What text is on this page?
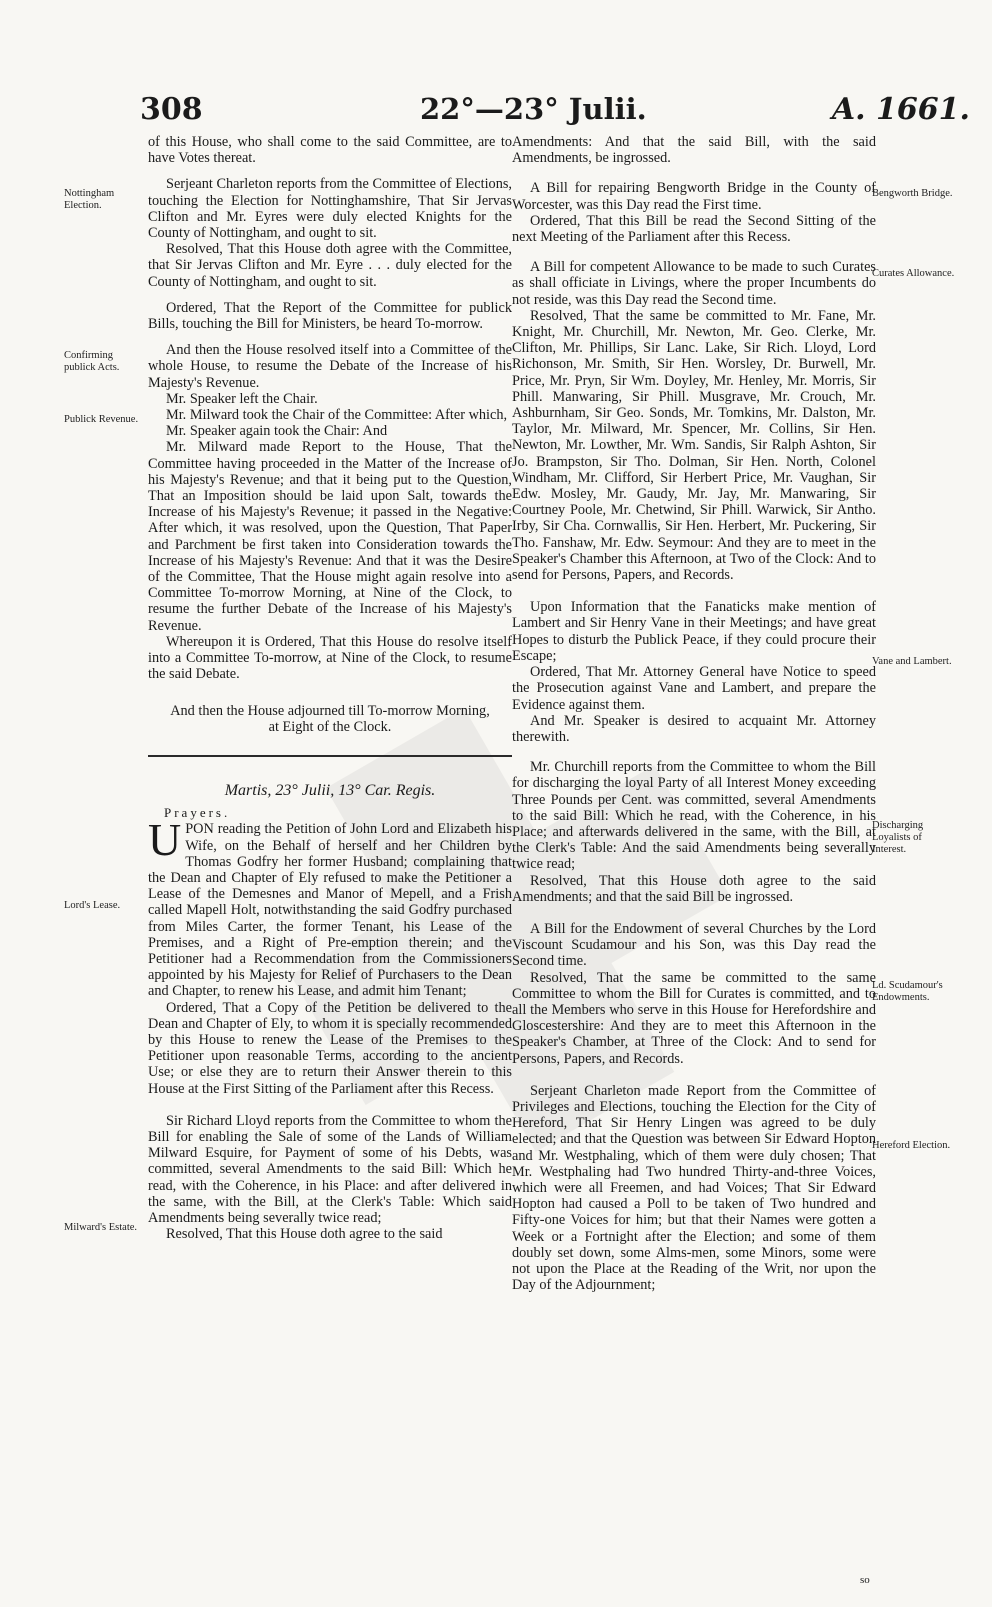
308	22°—23° Julii.	A. 1661.
Nottingham Election.
Confirming publick Acts.
Publick Revenue.
Lord's Lease.
Milward's Estate.
Bengworth Bridge.
Curates Allowance.
Vane and Lambert.
Discharging Loyalists of Interest.
Ld. Scudamour's Endowments.
Hereford Election.

of this House, who shall come to the said Committee, are to have Votes thereat.

Serjeant Charleton reports from the Committee of Elections, touching the Election for Nottinghamshire, That Sir Jervas Clifton and Mr. Eyres were duly elected Knights for the County of Nottingham, and ought to sit.

Resolved, That this House doth agree with the Committee, that Sir Jervas Clifton and Mr. Eyre . . . duly elected for the County of Nottingham, and ought to sit.

Ordered, That the Report of the Committee for publick Bills, touching the Bill for Ministers, be heard To-morrow.

And then the House resolved itself into a Committee of the whole House, to resume the Debate of the Increase of his Majesty's Revenue.

Mr. Speaker left the Chair.

Mr. Milward took the Chair of the Committee: After which,

Mr. Speaker again took the Chair: And

Mr. Milward made Report to the House, That the Committee having proceeded in the Matter of the Increase of his Majesty's Revenue; and that it being put to the Question, That an Imposition should be laid upon Salt, towards the Increase of his Majesty's Revenue; it passed in the Negative: After which, it was resolved, upon the Question, That Paper and Parchment be first taken into Consideration towards the Increase of his Majesty's Revenue: And that it was the Desire of the Committee, That the House might again resolve into a Committee To-morrow Morning, at Nine of the Clock, to resume the further Debate of the Increase of his Majesty's Revenue.

Whereupon it is Ordered, That this House do resolve itself into a Committee To-morrow, at Nine of the Clock, to resume the said Debate.

And then the House adjourned till To-morrow Morning, at Eight of the Clock.

Martis, 23° Julii, 13° Car. Regis.

Prayers.

U PON reading the Petition of John Lord and Elizabeth his Wife, on the Behalf of herself and her Children by Thomas Godfry her former Husband; complaining that the Dean and Chapter of Ely refused to make the Petitioner a Lease of the Demesnes and Manor of Mepell, and a Frish called Mapell Holt, notwithstanding the said Godfry purchased from Miles Carter, the former Tenant, his Lease of the Premises, and a Right of Pre-emption therein; and the Petitioner had a Recommendation from the Commissioners appointed by his Majesty for Relief of Purchasers to the Dean and Chapter, to renew his Lease, and admit him Tenant;

Ordered, That a Copy of the Petition be delivered to the Dean and Chapter of Ely, to whom it is specially recommended by this House to renew the Lease of the Premises to the Petitioner upon reasonable Terms, according to the ancient Use; or else they are to return their Answer therein to this House at the First Sitting of the Parliament after this Recess.

Sir Richard Lloyd reports from the Committee to whom the Bill for enabling the Sale of some of the Lands of William Milward Esquire, for Payment of some of his Debts, was committed, several Amendments to the said Bill: Which he read, with the Coherence, in his Place: and after delivered in the same, with the Bill, at the Clerk's Table: Which said Amendments being severally twice read;

Resolved, That this House doth agree to the said

Amendments: And that the said Bill, with the said Amendments, be ingrossed.

A Bill for repairing Bengworth Bridge in the County of Worcester, was this Day read the First time.

Ordered, That this Bill be read the Second Sitting of the next Meeting of the Parliament after this Recess.

A Bill for competent Allowance to be made to such Curates as shall officiate in Livings, where the proper Incumbents do not reside, was this Day read the Second time.

Resolved, That the same be committed to Mr. Fane, Mr. Knight, Mr. Churchill, Mr. Newton, Mr. Geo. Clerke, Mr. Clifton, Mr. Phillips, Sir Lanc. Lake, Sir Rich. Lloyd, Lord Richonson, Mr. Smith, Sir Hen. Worsley, Dr. Burwell, Mr. Price, Mr. Pryn, Sir Wm. Doyley, Mr. Henley, Mr. Morris, Sir Phill. Manwaring, Sir Phill. Musgrave, Mr. Crouch, Mr. Ashburnham, Sir Geo. Sonds, Mr. Tomkins, Mr. Dalston, Mr. Taylor, Mr. Milward, Mr. Spencer, Mr. Collins, Sir Hen. Newton, Mr. Lowther, Mr. Wm. Sandis, Sir Ralph Ashton, Sir Jo. Brampston, Sir Tho. Dolman, Sir Hen. North, Colonel Windham, Mr. Clifford, Sir Herbert Price, Mr. Vaughan, Sir Edw. Mosley, Mr. Gaudy, Mr. Jay, Mr. Manwaring, Sir Courtney Poole, Mr. Chetwind, Sir Phill. Warwick, Sir Antho. Irby, Sir Cha. Cornwallis, Sir Hen. Herbert, Mr. Puckering, Sir Tho. Fanshaw, Mr. Edw. Seymour: And they are to meet in the Speaker's Chamber this Afternoon, at Two of the Clock: And to send for Persons, Papers, and Records.

Upon Information that the Fanaticks make mention of Lambert and Sir Henry Vane in their Meetings; and have great Hopes to disturb the Publick Peace, if they could procure their Escape;

Ordered, That Mr. Attorney General have Notice to speed the Prosecution against Vane and Lambert, and prepare the Evidence against them.

And Mr. Speaker is desired to acquaint Mr. Attorney therewith.

Mr. Churchill reports from the Committee to whom the Bill for discharging the loyal Party of all Interest Money exceeding Three Pounds per Cent. was committed, several Amendments to the said Bill: Which he read, with the Coherence, in his Place; and afterwards delivered in the same, with the Bill, at the Clerk's Table: And the said Amendments being severally twice read;

Resolved, That this House doth agree to the said Amendments; and that the said Bill be ingrossed.

A Bill for the Endowment of several Churches by the Lord Viscount Scudamour and his Son, was this Day read the Second time.

Resolved, That the same be committed to the same Committee to whom the Bill for Curates is committed, and to all the Members who serve in this House for Herefordshire and Gloscestershire: And they are to meet this Afternoon in the Speaker's Chamber, at Three of the Clock: And to send for Persons, Papers, and Records.

Serjeant Charleton made Report from the Committee of Privileges and Elections, touching the Election for the City of Hereford, That Sir Henry Lingen was agreed to be duly elected; and that the Question was between Sir Edward Hopton and Mr. Westphaling, which of them were duly chosen; That Mr. Westphaling had Two hundred Thirty-and-three Voices, which were all Freemen, and had Voices; That Sir Edward Hopton had caused a Poll to be taken of Two hundred and Fifty-one Voices for him; but that their Names were gotten a Week or a Fortnight after the Election; and some of them doubly set down, some Alms-men, some Minors, some were not upon the Place at the Reading of the Writ, nor upon the Day of the Adjournment;

so
